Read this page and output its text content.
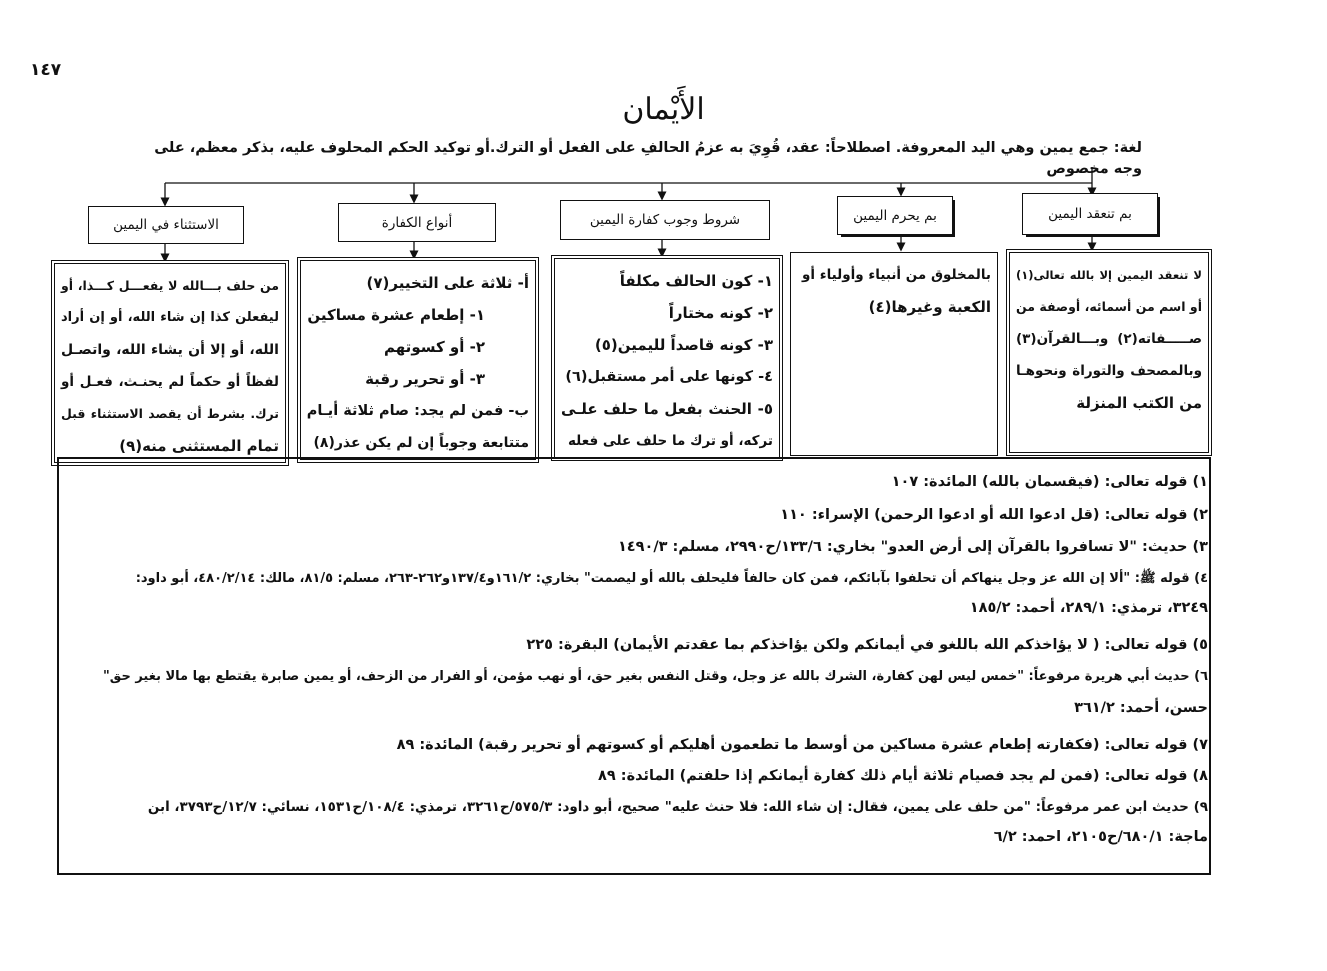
١٤٧
الأَيْمان
لغة: جمع يمين وهي اليد المعروفة. اصطلاحاً: عقد، قُوِيَ به عزمُ الحالفِ على الفعل أو الترك.أو توكيد الحكم المحلوف عليه، بذكر معظم، على وجه مخصوص
بم تنعقد اليمين
بم يحرم اليمين
شروط وجوب كفارة اليمين
أنواع الكفارة
الاستثناء في اليمين
لا تنعقد اليمين إلا بالله تعالى(١)
أو اسم من أسمائه، أوصفة من
صـــــفاته(٢) وبـــالقرآن(٣)
وبالمصحف والتوراة ونحوهـا
من الكتب المنزلة
بالمخلوق من أنبياء وأولياء أو
الكعبة وغيرها(٤)
١- كون الحالف مكلفاً
٢- كونه مختاراً
٣- كونه قاصداً لليمين(٥)
٤- كونها على أمر مستقبل(٦)
٥- الحنث بفعل ما حلف علـى
تركه، أو ترك ما حلف على فعله
أ- ثلاثة على التخيير(٧)
١- إطعام عشرة مساكين
٢- أو كسوتهم
٣- أو تحرير رقبة
ب- فمن لم يجد: صام ثلاثة أيـام
متتابعة وجوباً إن لم يكن عذر(٨)
من حلف بـــالله لا يفعـــل كـــذا، أو
ليفعلن كذا إن شاء الله، أو إن أراد
الله، أو إلا أن يشاء الله، واتصـل
لفظاً أو حكماً لم يحنـث، فعـل أو
ترك. بشرط أن يقصد الاستثناء قبل
تمام المستثنى منه(٩)
١) قوله تعالى: (فيقسمان بالله) المائدة: ١٠٧
٢) قوله تعالى: (قل ادعوا الله أو ادعوا الرحمن) الإسراء: ١١٠
٣) حديث: "لا تسافروا بالقرآن إلى أرض العدو" بخاري: ١٣٣/٦/ح٢٩٩٠، مسلم: ١٤٩٠/٣
٤) قوله ﷺ: "ألا إن الله عز وجل ينهاكم أن تحلفوا بآبائكم، فمن كان حالفاً فليحلف بالله أو ليصمت" بخاري: ١٦١/٢و١٣٧/٤و٢٦٢-٢٦٣، مسلم: ٨١/٥، مالك: ٤٨٠/٢/١٤، أبو داود:
٣٢٤٩، ترمذي: ٢٨٩/١، أحمد: ١٨٥/٢
٥) قوله تعالى: ( لا يؤاخذكم الله باللغو في أيمانكم ولكن يؤاخذكم بما عقدتم الأيمان) البقرة: ٢٢٥
٦) حديث أبي هريرة مرفوعاً: "خمس ليس لهن كفارة، الشرك بالله عز وجل، وقتل النفس بغير حق، أو نهب مؤمن، أو الفرار من الزحف، أو يمين صابرة يقتطع بها مالا بغير حق"
حسن، أحمد: ٣٦١/٢
٧) قوله تعالى: (فكفارته إطعام عشرة مساكين من أوسط ما تطعمون أهليكم أو كسوتهم أو تحرير رقبة) المائدة: ٨٩
٨) قوله تعالى: (فمن لم يجد فصيام ثلاثة أيام ذلك كفارة أيمانكم إذا حلفتم) المائدة: ٨٩
٩) حديث ابن عمر مرفوعاً: "من حلف على يمين، فقال: إن شاء الله: فلا حنث عليه" صحيح، أبو داود: ٥٧٥/٣/ح٣٢٦١، ترمذي: ١٠٨/٤/ح١٥٣١، نسائي: ١٢/٧/ح٣٧٩٣، ابن
ماجة: ٦٨٠/١/ح٢١٠٥، احمد: ٦/٢
